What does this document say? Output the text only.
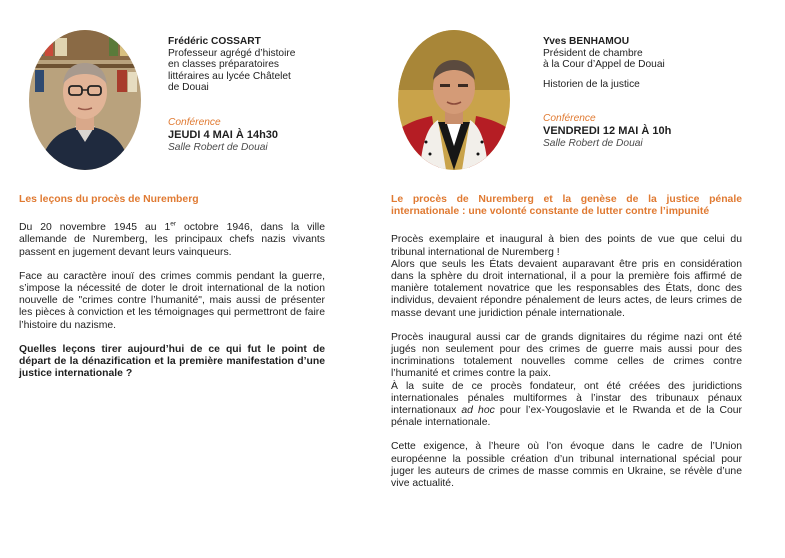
Frédéric COSSART
Professeur agrégé d’histoire
en classes préparatoires
littéraires au lycée Châtelet
de Douai
Conférence
JEUDI 4 MAI À 14h30
Salle Robert de Douai
Yves BENHAMOU
Président de chambre
à la Cour d’Appel de Douai
Historien de la justice
Conférence
VENDREDI 12 MAI À 10h
Salle Robert de Douai
Les leçons du procès de Nuremberg
Du 20 novembre 1945 au 1er octobre 1946, dans la ville allemande de Nuremberg, les principaux chefs nazis vivants passent en jugement devant leurs vainqueurs.
Face au caractère inouï des crimes commis pendant la guerre, s’impose la nécessité de doter le droit international de la notion nouvelle de "crimes contre l’humanité", mais aussi de présenter les pièces à conviction et les témoignages qui permettront de faire l’histoire du nazisme.
Quelles leçons tirer aujourd’hui de ce qui fut le point de départ de la dénazification et la première manifestation d’une justice internationale ?
Le procès de Nuremberg et la genèse de la justice pénale internationale : une volonté constante de lutter contre l’impunité
Procès exemplaire et inaugural à bien des points de vue que celui du tribunal international de Nuremberg !
Alors que seuls les États devaient auparavant être pris en considération dans la sphère du droit international, il a pour la première fois affirmé de manière totalement novatrice que les responsables des États, donc des individus, devaient répondre pénalement de leurs actes, de leurs crimes de masse devant une juridiction pénale internationale.
Procès inaugural aussi car de grands dignitaires du régime nazi ont été jugés non seulement pour des crimes de guerre mais aussi pour des incriminations totalement nouvelles comme celles de crimes contre l’humanité et crimes contre la paix.
À la suite de ce procès fondateur, ont été créées des juridictions internationales pénales multiformes à l’instar des tribunaux pénaux internationaux ad hoc pour l’ex-Yougoslavie et le Rwanda et de la Cour pénale internationale.
Cette exigence, à l’heure où l’on évoque dans le cadre de l’Union européenne la possible création d’un tribunal international spécial pour juger les auteurs de crimes de masse commis en Ukraine, se révèle d’une vive actualité.
